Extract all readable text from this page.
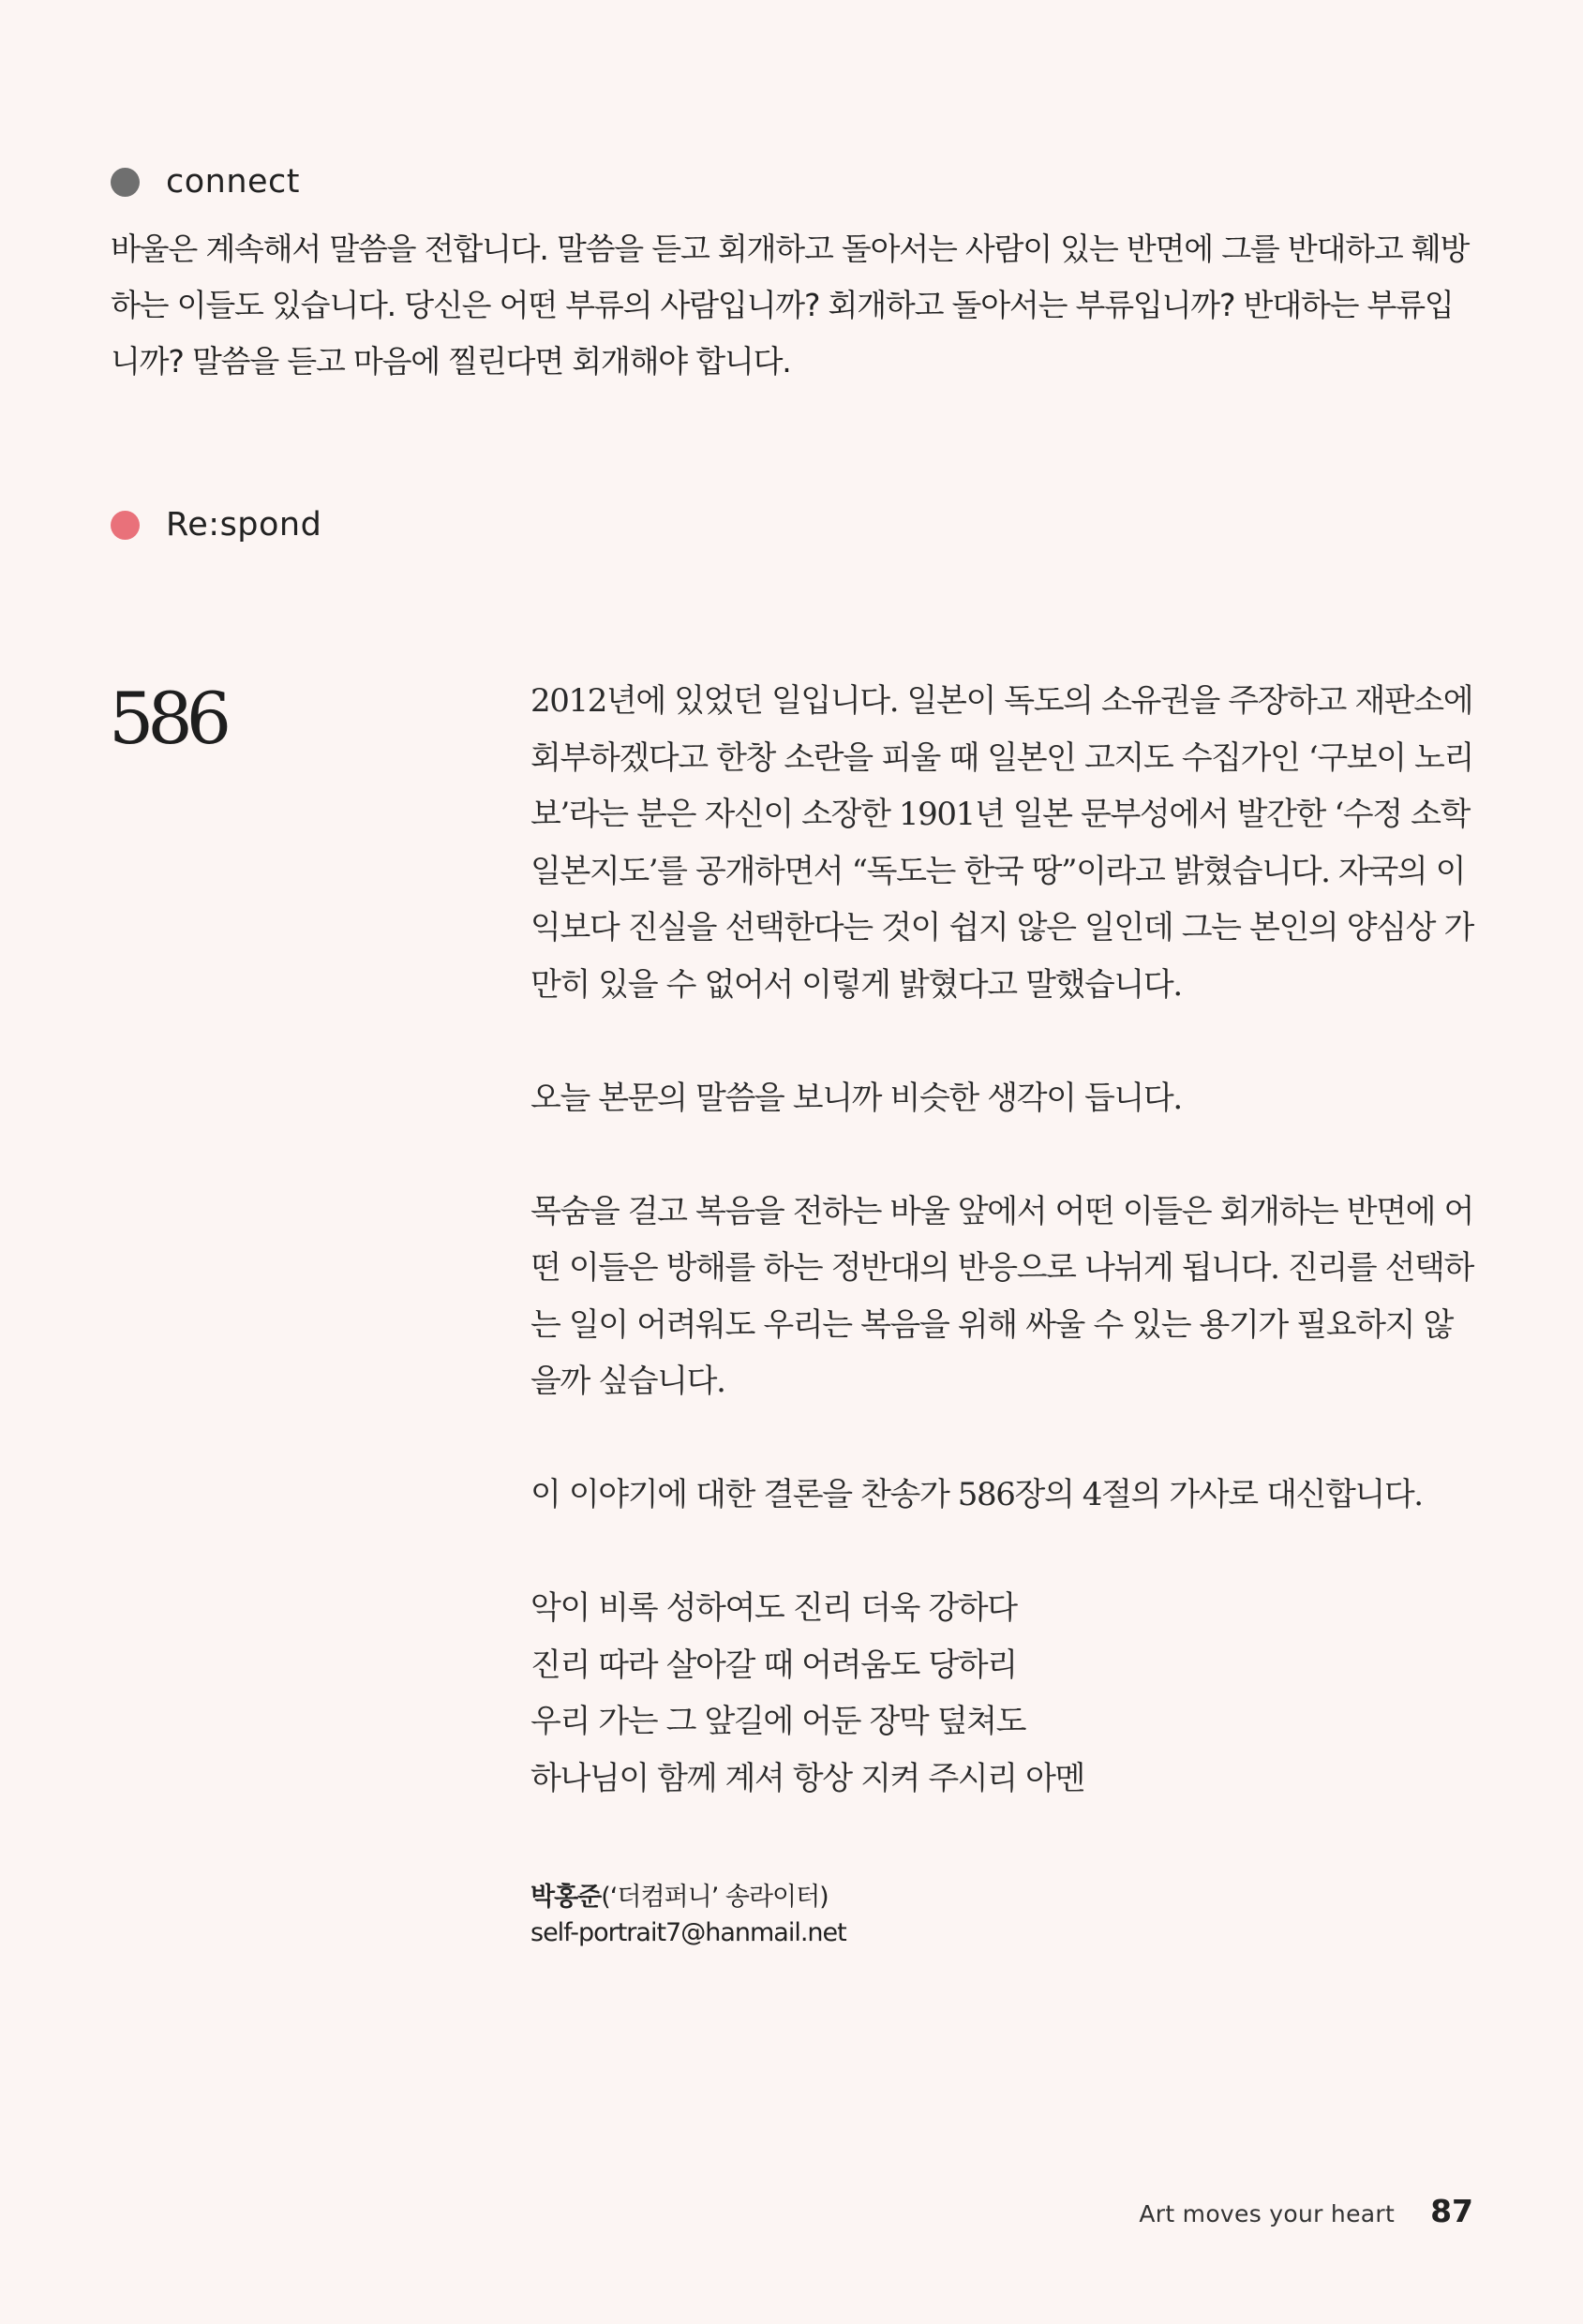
connect

바울은 계속해서 말씀을 전합니다. 말씀을 듣고 회개하고 돌아서는 사람이 있는 반면에 그를 반대하고 훼방하는 이들도 있습니다. 당신은 어떤 부류의 사람입니까? 회개하고 돌아서는 부류입니까? 반대하는 부류입니까? 말씀을 듣고 마음에 찔린다면 회개해야 합니다.

Re:spond

586	2012년에 있었던 일입니다. 일본이 독도의 소유권을 주장하고 재판소에 회부하겠다고 한창 소란을 피울 때 일본인 고지도 수집가인 ‘구보이 노리보’라는 분은 자신이 소장한 1901년 일본 문부성에서 발간한 ‘수정 소학일본지도’를 공개하면서 “독도는 한국 땅”이라고 밝혔습니다. 자국의 이익보다 진실을 선택한다는 것이 쉽지 않은 일인데 그는 본인의 양심상 가만히 있을 수 없어서 이렇게 밝혔다고 말했습니다.

오늘 본문의 말씀을 보니까 비슷한 생각이 듭니다.

목숨을 걸고 복음을 전하는 바울 앞에서 어떤 이들은 회개하는 반면에 어떤 이들은 방해를 하는 정반대의 반응으로 나뉘게 됩니다. 진리를 선택하는 일이 어려워도 우리는 복음을 위해 싸울 수 있는 용기가 필요하지 않을까 싶습니다.

이 이야기에 대한 결론을 찬송가 586장의 4절의 가사로 대신합니다.

악이 비록 성하여도 진리 더욱 강하다
진리 따라 살아갈 때 어려움도 당하리
우리 가는 그 앞길에 어둔 장막 덮쳐도
하나님이 함께 계셔 항상 지켜 주시리 아멘

박홍준(‘더컴퍼니’ 송라이터)
self-portrait7@hanmail.net
Art moves your heart 87
